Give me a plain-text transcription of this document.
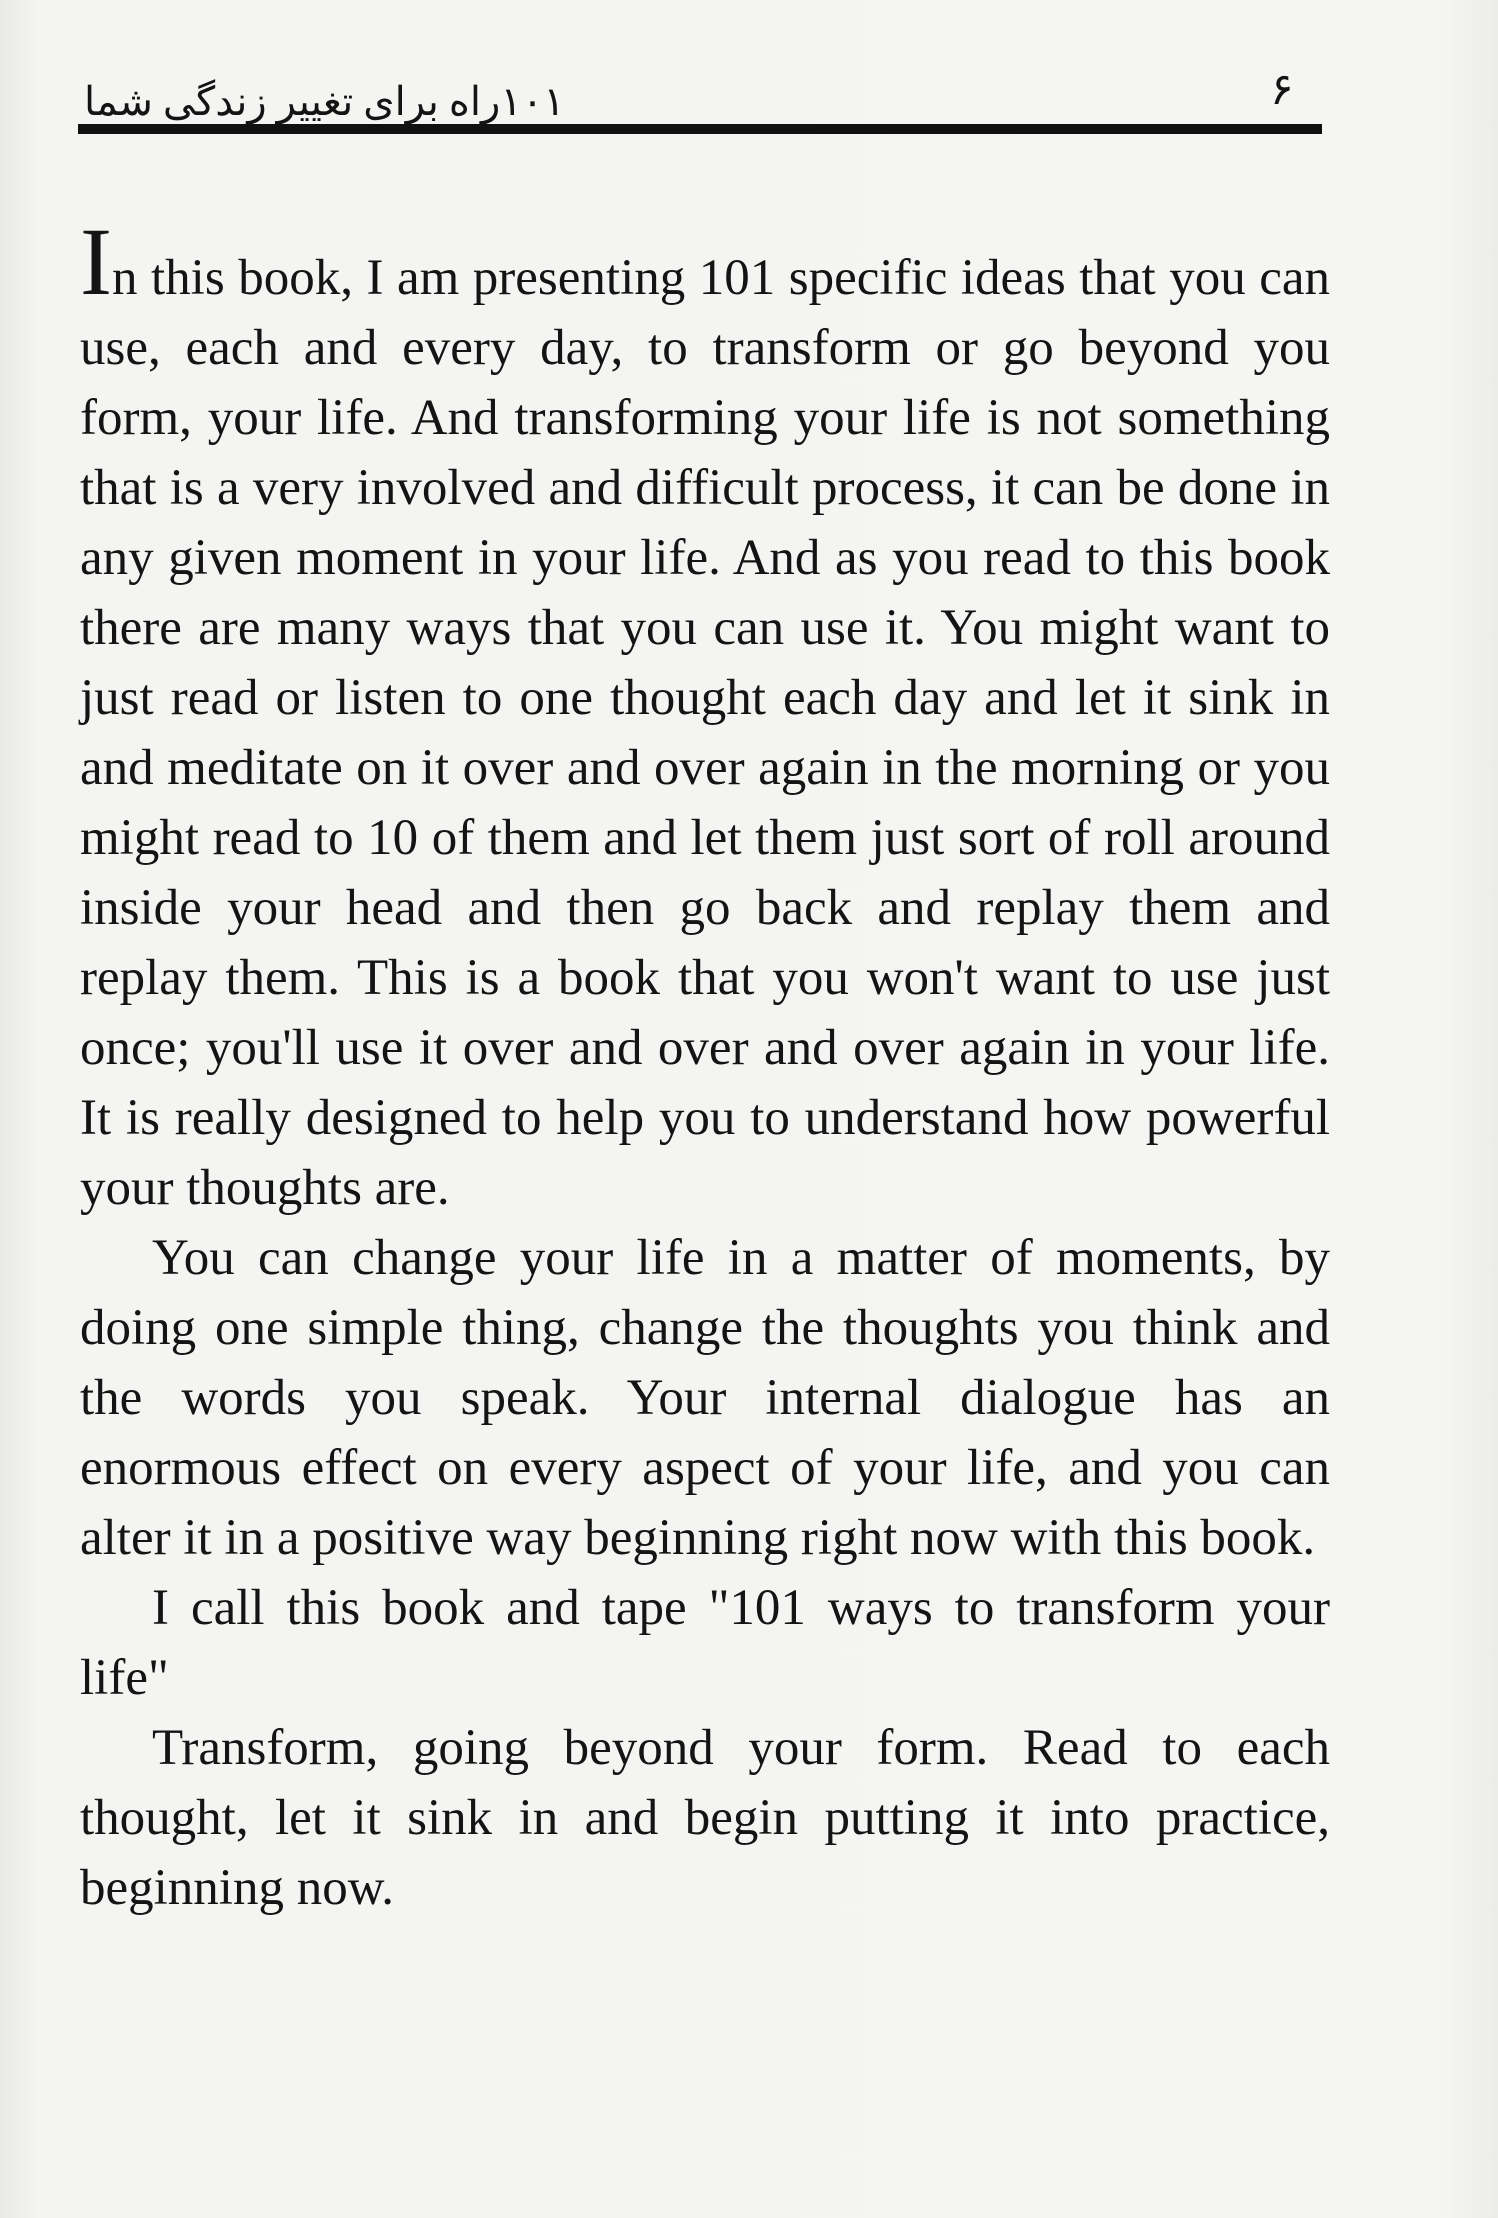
۱۰۱راه برای تغییر زندگی شما	۶

In this book, I am presenting 101 specific ideas that you can use, each and every day, to transform or go beyond you form, your life. And transforming your life is not something that is a very involved and difficult process, it can be done in any given moment in your life. And as you read to this book there are many ways that you can use it. You might want to just read or listen to one thought each day and let it sink in and meditate on it over and over again in the morning or you might read to 10 of them and let them just sort of roll around inside your head and then go back and replay them and replay them. This is a book that you won't want to use just once; you'll use it over and over and over again in your life. It is really designed to help you to understand how powerful your thoughts are.

You can change your life in a matter of moments, by doing one simple thing, change the thoughts you think and the words you speak. Your internal dialogue has an enormous effect on every aspect of your life, and you can alter it in a positive way beginning right now with this book.

I call this book and tape "101 ways to transform your life"

Transform, going beyond your form. Read to each thought, let it sink in and begin putting it into practice, beginning now.
